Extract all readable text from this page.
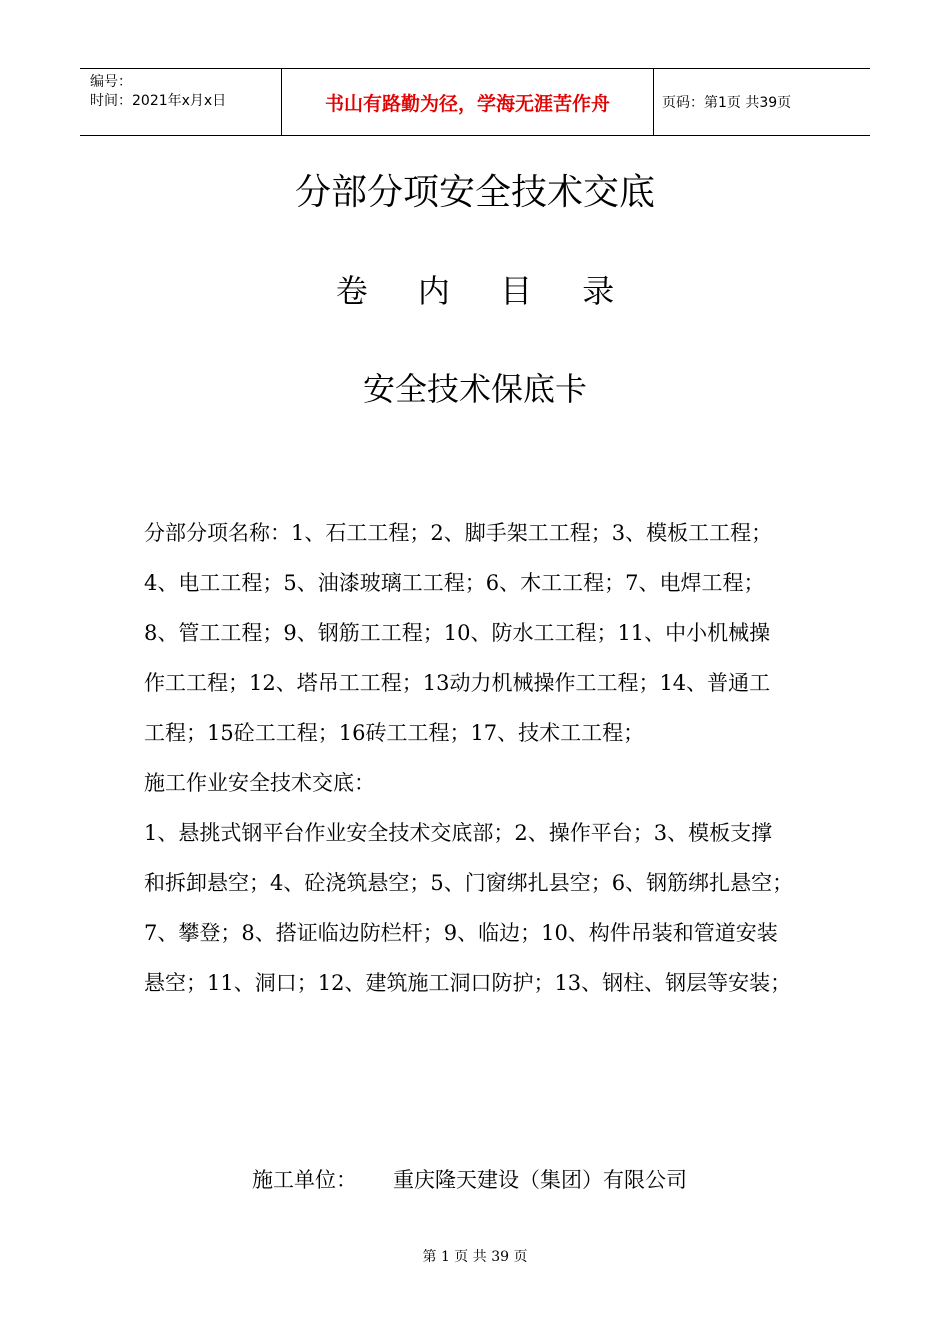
编号：
时间：2021年x月x日	书山有路勤为径，学海无涯苦作舟	页码：第1页 共39页
分部分项安全技术交底
卷 内 目 录
安全技术保底卡

分部分项名称：1、石工工程；2、脚手架工工程；3、模板工工程；

4、电工工程；5、油漆玻璃工工程；6、木工工程；7、电焊工程；

8、管工工程；9、钢筋工工程；10、防水工工程；11、中小机械操

作工工程；12、塔吊工工程；13动力机械操作工工程；14、普通工

工程；15砼工工程；16砖工工程；17、技术工工程；

施工作业安全技术交底：

1、悬挑式钢平台作业安全技术交底部；2、操作平台；3、模板支撑

和拆卸悬空；4、砼浇筑悬空；5、门窗绑扎县空；6、钢筋绑扎悬空；

7、攀登；8、搭证临边防栏杆；9、临边；10、构件吊装和管道安装

悬空；11、洞口；12、建筑施工洞口防护；13、钢柱、钢层等安装；

施工单位： 重庆隆天建设（集团）有限公司
第 1 页 共 39 页
